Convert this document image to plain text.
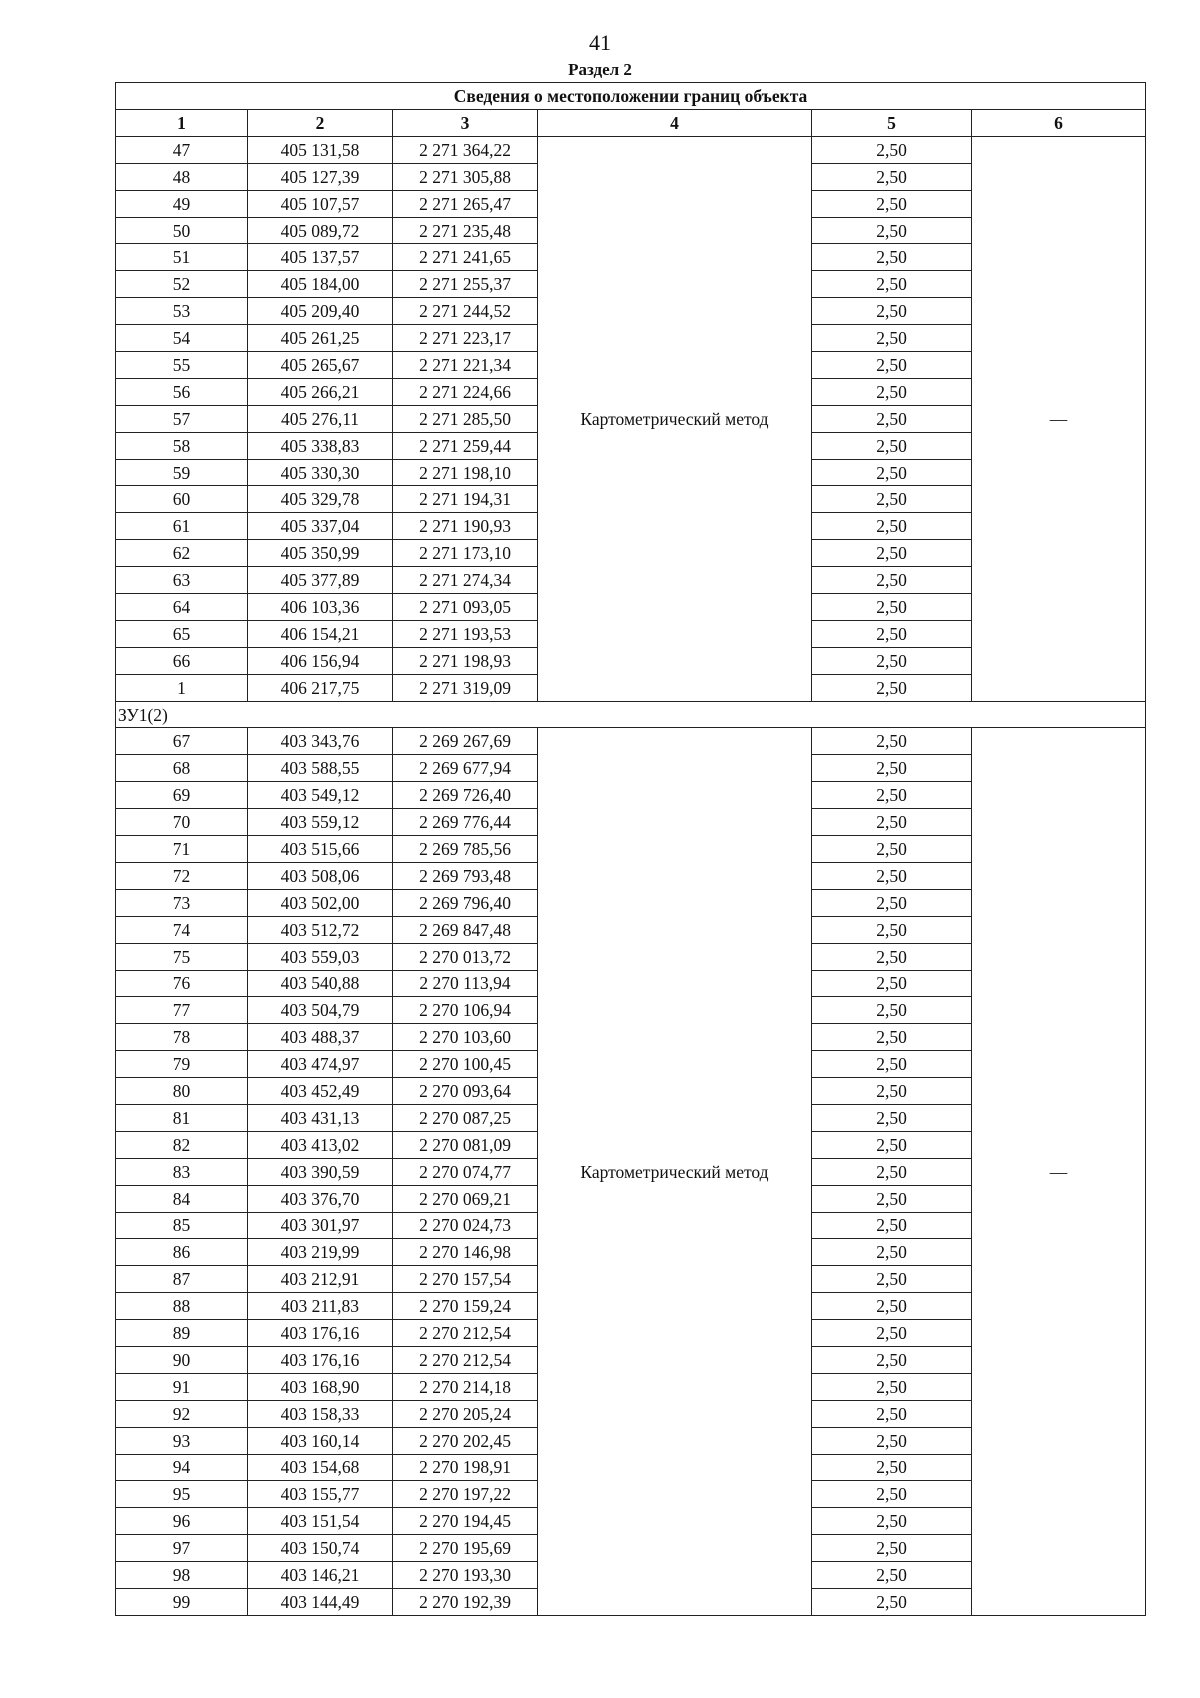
41
Раздел 2
Сведения о местоположении границ объекта					
1	2	3	4	5	6
47	405 131,58	2 271 364,22	Картометрический метод	2,50	—
48	405 127,39	2 271 305,88		2,50	
49	405 107,57	2 271 265,47		2,50	
50	405 089,72	2 271 235,48		2,50	
51	405 137,57	2 271 241,65		2,50	
52	405 184,00	2 271 255,37		2,50	
53	405 209,40	2 271 244,52		2,50	
54	405 261,25	2 271 223,17		2,50	
55	405 265,67	2 271 221,34		2,50	
56	405 266,21	2 271 224,66		2,50	
57	405 276,11	2 271 285,50		2,50	
58	405 338,83	2 271 259,44		2,50	
59	405 330,30	2 271 198,10		2,50	
60	405 329,78	2 271 194,31		2,50	
61	405 337,04	2 271 190,93		2,50	
62	405 350,99	2 271 173,10		2,50	
63	405 377,89	2 271 274,34		2,50	
64	406 103,36	2 271 093,05		2,50	
65	406 154,21	2 271 193,53		2,50	
66	406 156,94	2 271 198,93		2,50	
1	406 217,75	2 271 319,09		2,50	
ЗУ1(2)					
67	403 343,76	2 269 267,69	Картометрический метод	2,50	—
68	403 588,55	2 269 677,94		2,50	
69	403 549,12	2 269 726,40		2,50	
70	403 559,12	2 269 776,44		2,50	
71	403 515,66	2 269 785,56		2,50	
72	403 508,06	2 269 793,48		2,50	
73	403 502,00	2 269 796,40		2,50	
74	403 512,72	2 269 847,48		2,50	
75	403 559,03	2 270 013,72		2,50	
76	403 540,88	2 270 113,94		2,50	
77	403 504,79	2 270 106,94		2,50	
78	403 488,37	2 270 103,60		2,50	
79	403 474,97	2 270 100,45		2,50	
80	403 452,49	2 270 093,64		2,50	
81	403 431,13	2 270 087,25		2,50	
82	403 413,02	2 270 081,09		2,50	
83	403 390,59	2 270 074,77		2,50	
84	403 376,70	2 270 069,21		2,50	
85	403 301,97	2 270 024,73		2,50	
86	403 219,99	2 270 146,98		2,50	
87	403 212,91	2 270 157,54		2,50	
88	403 211,83	2 270 159,24		2,50	
89	403 176,16	2 270 212,54		2,50	
90	403 176,16	2 270 212,54		2,50	
91	403 168,90	2 270 214,18		2,50	
92	403 158,33	2 270 205,24		2,50	
93	403 160,14	2 270 202,45		2,50	
94	403 154,68	2 270 198,91		2,50	
95	403 155,77	2 270 197,22		2,50	
96	403 151,54	2 270 194,45		2,50	
97	403 150,74	2 270 195,69		2,50	
98	403 146,21	2 270 193,30		2,50	
99	403 144,49	2 270 192,39		2,50	
